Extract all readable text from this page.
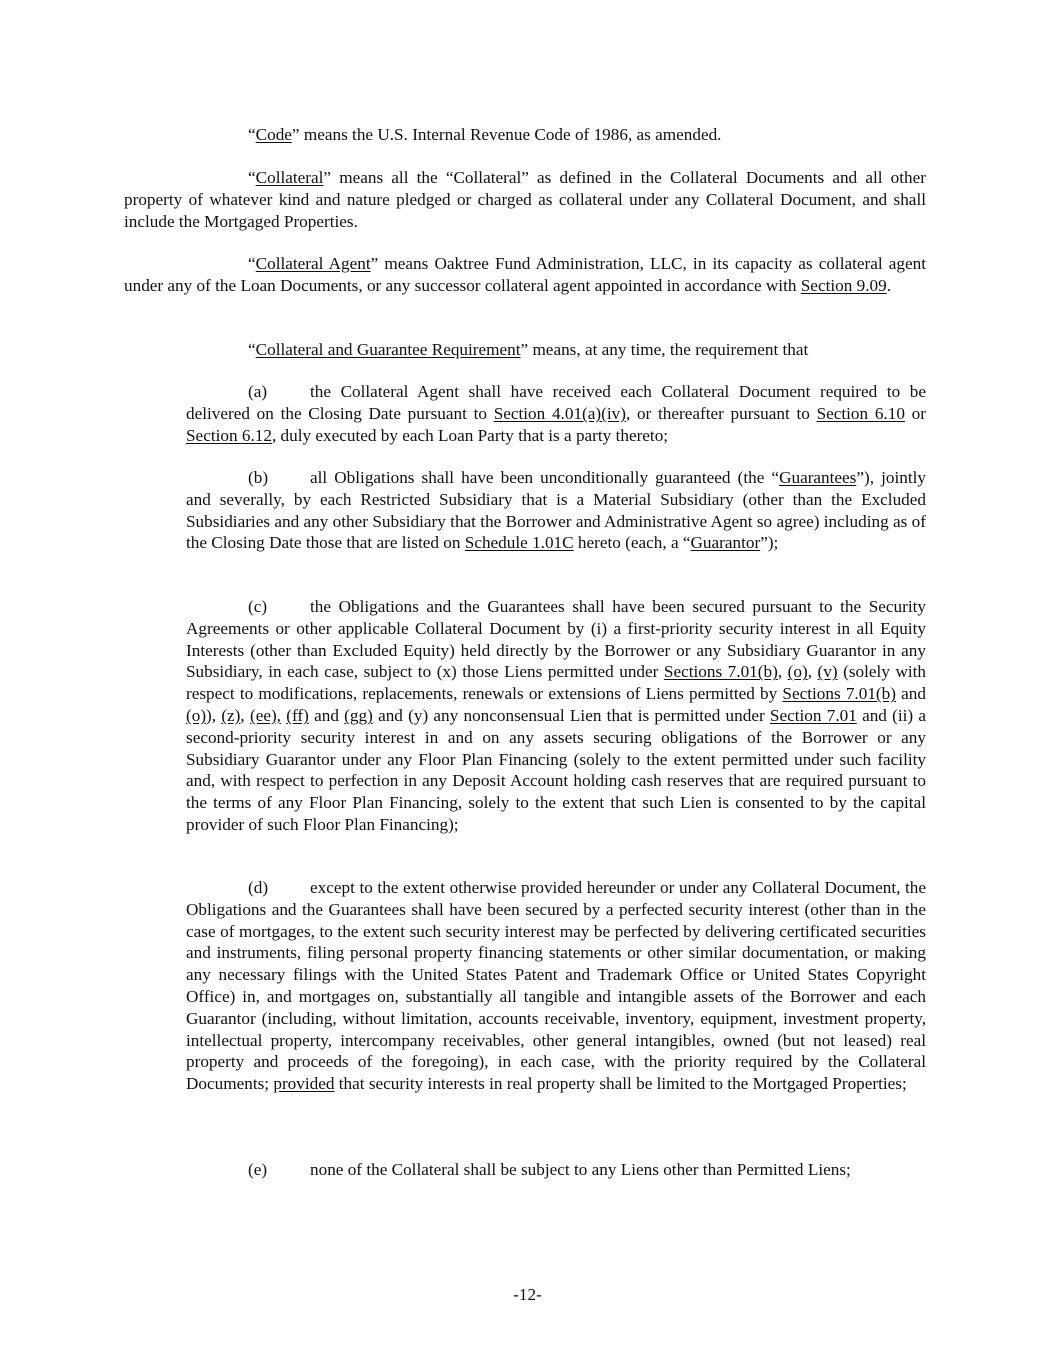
“Code” means the U.S. Internal Revenue Code of 1986, as amended.

“Collateral” means all the “Collateral” as defined in the Collateral Documents and all other property of whatever kind and nature pledged or charged as collateral under any Collateral Document, and shall include the Mortgaged Properties.

“Collateral Agent” means Oaktree Fund Administration, LLC, in its capacity as collateral agent under any of the Loan Documents, or any successor collateral agent appointed in accordance with Section 9.09.

“Collateral and Guarantee Requirement” means, at any time, the requirement that

(a) the Collateral Agent shall have received each Collateral Document required to be delivered on the Closing Date pursuant to Section 4.01(a)(iv), or thereafter pursuant to Section 6.10 or Section 6.12, duly executed by each Loan Party that is a party thereto;

(b) all Obligations shall have been unconditionally guaranteed (the “Guarantees”), jointly and severally, by each Restricted Subsidiary that is a Material Subsidiary (other than the Excluded Subsidiaries and any other Subsidiary that the Borrower and Administrative Agent so agree) including as of the Closing Date those that are listed on Schedule 1.01C hereto (each, a “Guarantor”);

(c) the Obligations and the Guarantees shall have been secured pursuant to the Security Agreements or other applicable Collateral Document by (i) a first-priority security interest in all Equity Interests (other than Excluded Equity) held directly by the Borrower or any Subsidiary Guarantor in any Subsidiary, in each case, subject to (x) those Liens permitted under Sections 7.01(b), (o), (v) (solely with respect to modifications, replacements, renewals or extensions of Liens permitted by Sections 7.01(b) and (o)), (z), (ee), (ff) and (gg) and (y) any nonconsensual Lien that is permitted under Section 7.01 and (ii) a second-priority security interest in and on any assets securing obligations of the Borrower or any Subsidiary Guarantor under any Floor Plan Financing (solely to the extent permitted under such facility and, with respect to perfection in any Deposit Account holding cash reserves that are required pursuant to the terms of any Floor Plan Financing, solely to the extent that such Lien is consented to by the capital provider of such Floor Plan Financing);

(d) except to the extent otherwise provided hereunder or under any Collateral Document, the Obligations and the Guarantees shall have been secured by a perfected security interest (other than in the case of mortgages, to the extent such security interest may be perfected by delivering certificated securities and instruments, filing personal property financing statements or other similar documentation, or making any necessary filings with the United States Patent and Trademark Office or United States Copyright Office) in, and mortgages on, substantially all tangible and intangible assets of the Borrower and each Guarantor (including, without limitation, accounts receivable, inventory, equipment, investment property, intellectual property, intercompany receivables, other general intangibles, owned (but not leased) real property and proceeds of the foregoing), in each case, with the priority required by the Collateral Documents; provided that security interests in real property shall be limited to the Mortgaged Properties;

(e) none of the Collateral shall be subject to any Liens other than Permitted Liens;

-12-
